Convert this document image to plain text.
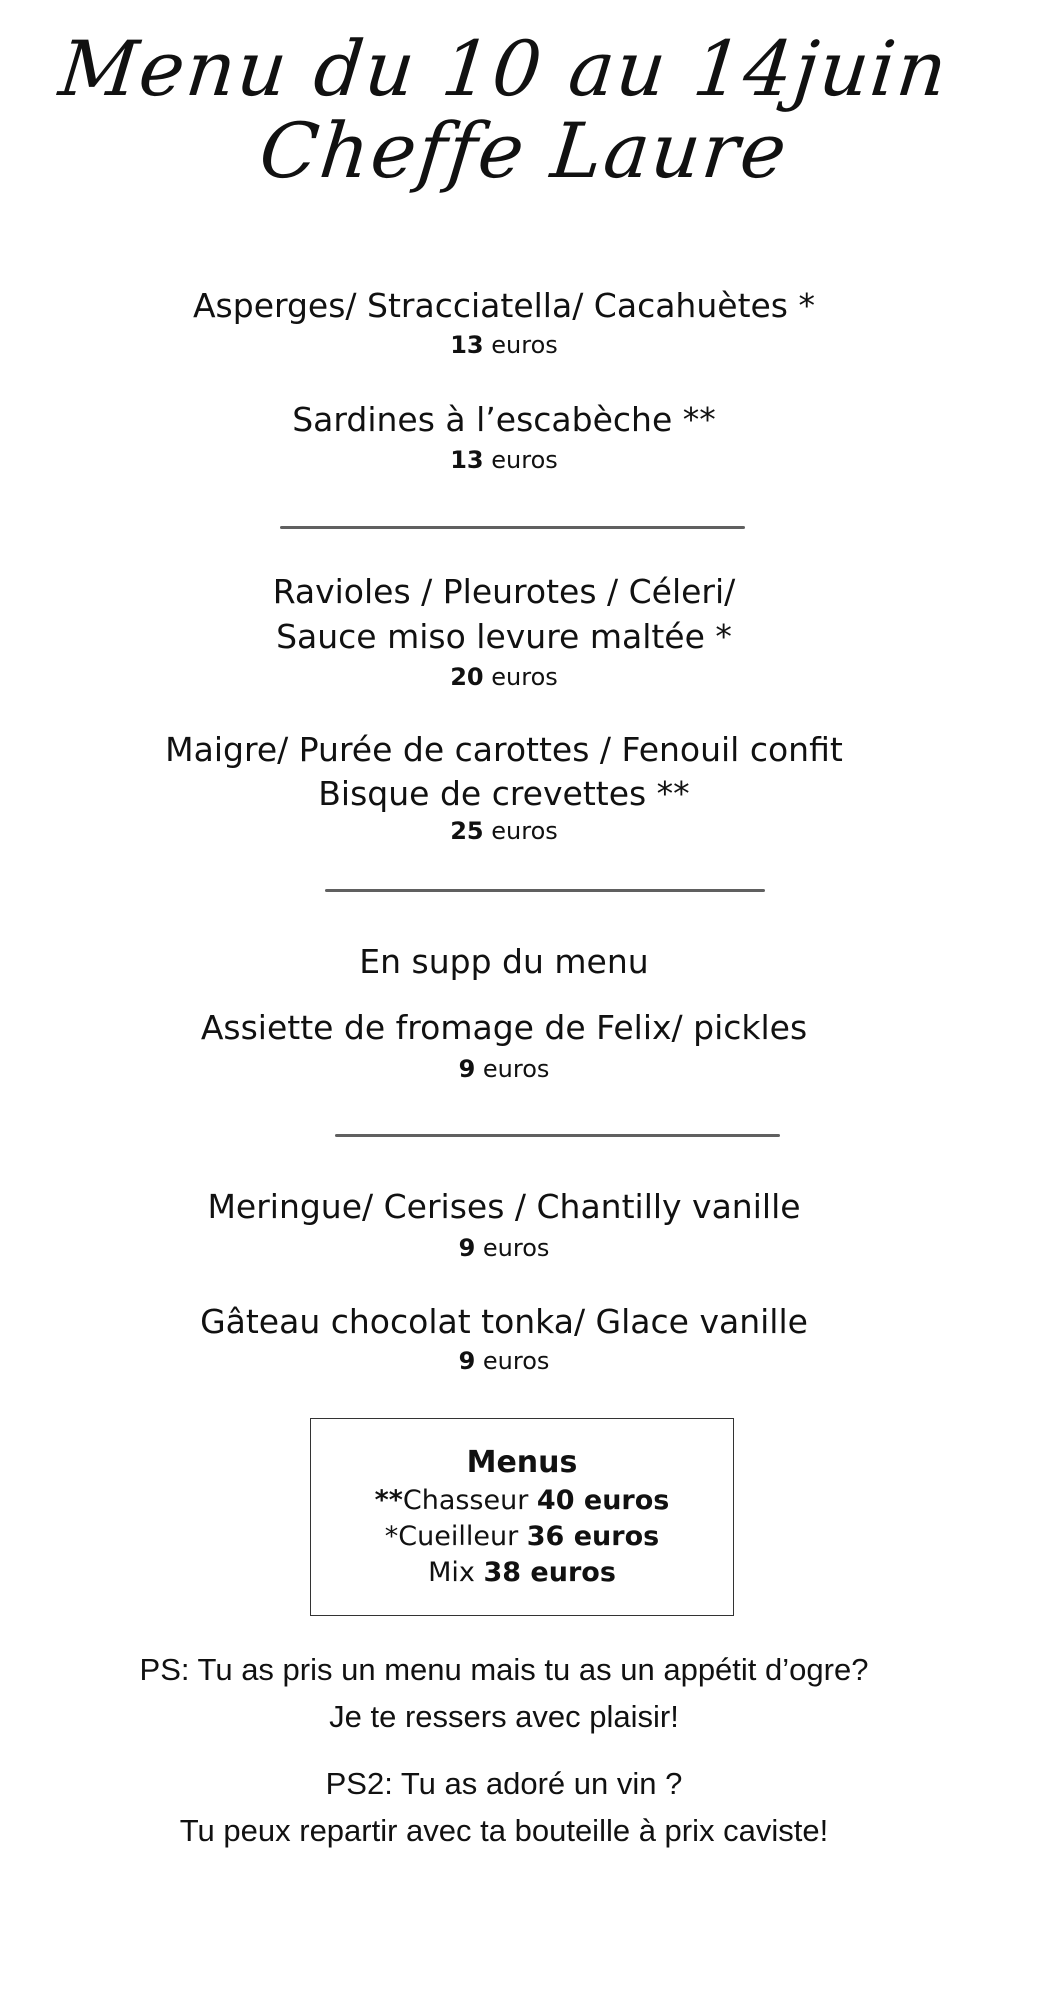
Menu du 10 au 14juin
Cheffe Laure
Asperges/ Stracciatella/ Cacahuètes *
13 euros
Sardines à l’escabèche **
13 euros
Ravioles / Pleurotes / Céleri/
Sauce miso levure maltée *
20 euros
Maigre/ Purée de carottes / Fenouil confit
Bisque de crevettes **
25 euros
En supp du menu
Assiette de fromage de Felix/ pickles
9 euros
Meringue/ Cerises / Chantilly vanille
9 euros
Gâteau chocolat tonka/ Glace vanille
9 euros
Menus
**Chasseur 40 euros
*Cueilleur 36 euros
Mix 38 euros
PS: Tu as pris un menu mais tu as un appétit d’ogre?
Je te ressers avec plaisir!
PS2: Tu as adoré un vin ?
Tu peux repartir avec ta bouteille à prix caviste!
